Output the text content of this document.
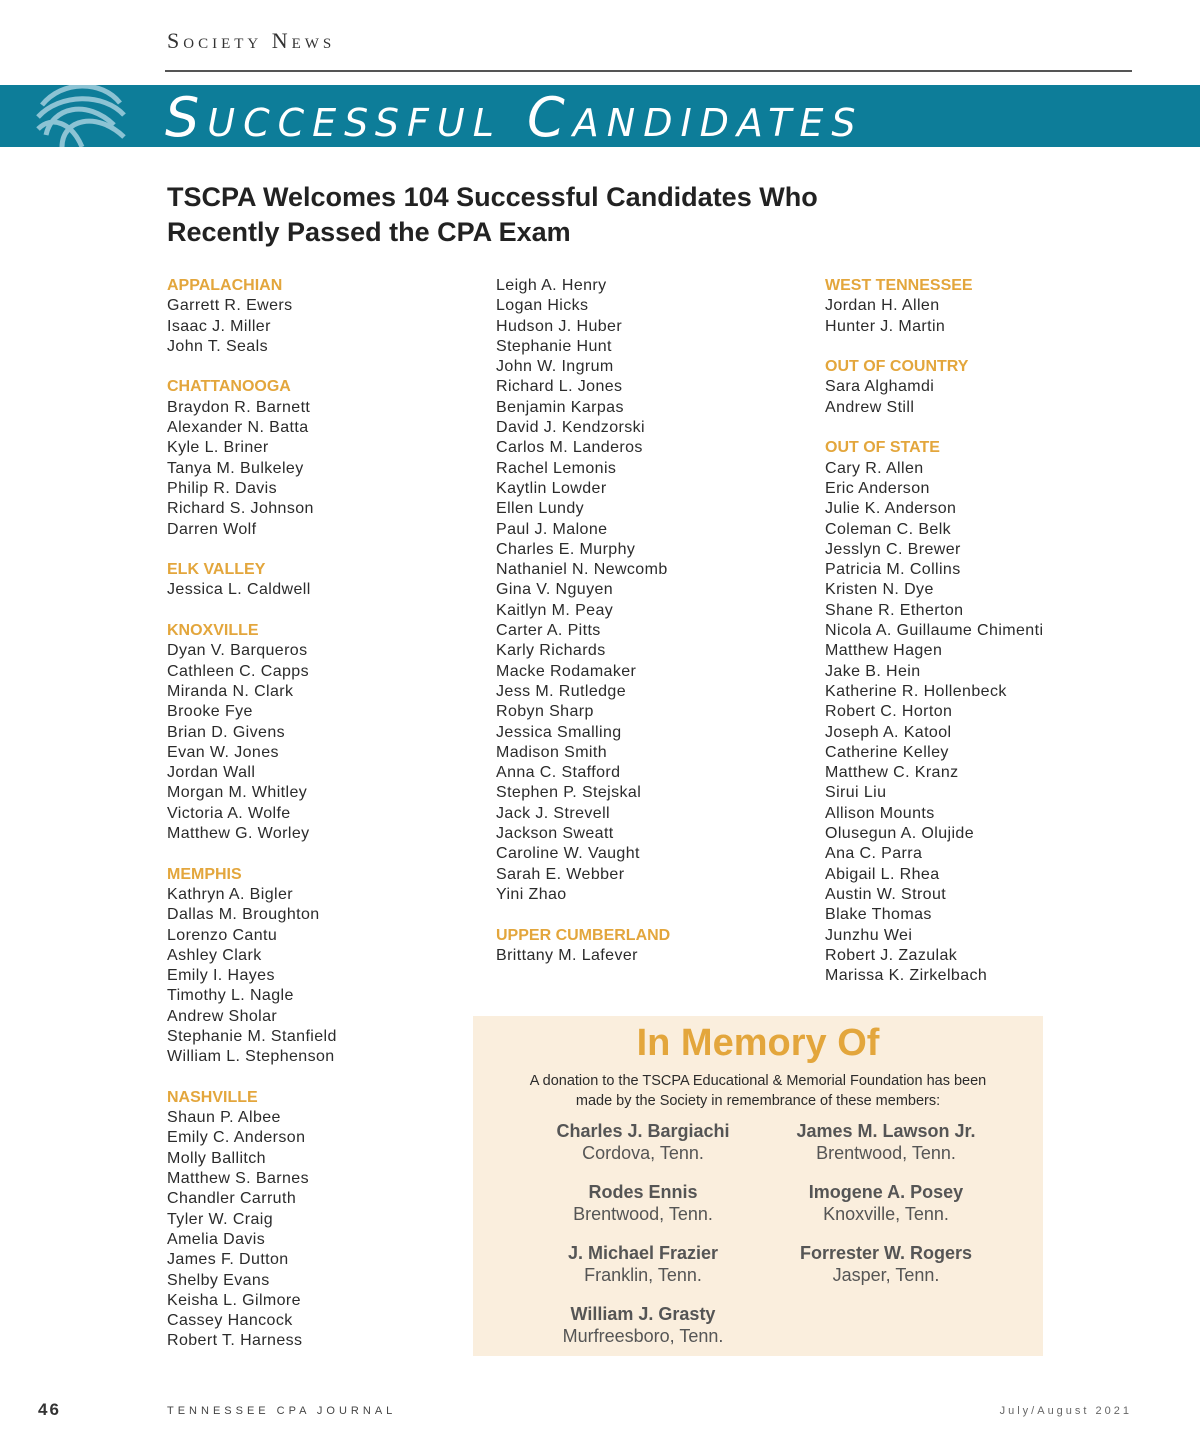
Society News
Successful Candidates
TSCPA Welcomes 104 Successful Candidates Who Recently Passed the CPA Exam
APPALACHIAN
Garrett R. Ewers
Isaac J. Miller
John T. Seals
CHATTANOOGA
Braydon R. Barnett
Alexander N. Batta
Kyle L. Briner
Tanya M. Bulkeley
Philip R. Davis
Richard S. Johnson
Darren Wolf
ELK VALLEY
Jessica L. Caldwell
KNOXVILLE
Dyan V. Barqueros
Cathleen C. Capps
Miranda N. Clark
Brooke Fye
Brian D. Givens
Evan W. Jones
Jordan Wall
Morgan M. Whitley
Victoria A. Wolfe
Matthew G. Worley
MEMPHIS
Kathryn A. Bigler
Dallas M. Broughton
Lorenzo Cantu
Ashley Clark
Emily I. Hayes
Timothy L. Nagle
Andrew Sholar
Stephanie M. Stanfield
William L. Stephenson
NASHVILLE
Shaun P. Albee
Emily C. Anderson
Molly Ballitch
Matthew S. Barnes
Chandler Carruth
Tyler W. Craig
Amelia Davis
James F. Dutton
Shelby Evans
Keisha L. Gilmore
Cassey Hancock
Robert T. Harness
Leigh A. Henry
Logan Hicks
Hudson J. Huber
Stephanie Hunt
John W. Ingrum
Richard L. Jones
Benjamin Karpas
David J. Kendzorski
Carlos M. Landeros
Rachel Lemonis
Kaytlin Lowder
Ellen Lundy
Paul J. Malone
Charles E. Murphy
Nathaniel N. Newcomb
Gina V. Nguyen
Kaitlyn M. Peay
Carter A. Pitts
Karly Richards
Macke Rodamaker
Jess M. Rutledge
Robyn Sharp
Jessica Smalling
Madison Smith
Anna C. Stafford
Stephen P. Stejskal
Jack J. Strevell
Jackson Sweatt
Caroline W. Vaught
Sarah E. Webber
Yini Zhao
UPPER CUMBERLAND
Brittany M. Lafever
WEST TENNESSEE
Jordan H. Allen
Hunter J. Martin
OUT OF COUNTRY
Sara Alghamdi
Andrew Still
OUT OF STATE
Cary R. Allen
Eric Anderson
Julie K. Anderson
Coleman C. Belk
Jesslyn C. Brewer
Patricia M. Collins
Kristen N. Dye
Shane R. Etherton
Nicola A. Guillaume Chimenti
Matthew Hagen
Jake B. Hein
Katherine R. Hollenbeck
Robert C. Horton
Joseph A. Katool
Catherine Kelley
Matthew C. Kranz
Sirui Liu
Allison Mounts
Olusegun A. Olujide
Ana C. Parra
Abigail L. Rhea
Austin W. Strout
Blake Thomas
Junzhu Wei
Robert J. Zazulak
Marissa K. Zirkelbach
In Memory Of
A donation to the TSCPA Educational & Memorial Foundation has been
made by the Society in remembrance of these members:
Charles J. Bargiachi
Cordova, Tenn.
James M. Lawson Jr.
Brentwood, Tenn.
Rodes Ennis
Brentwood, Tenn.
Imogene A. Posey
Knoxville, Tenn.
J. Michael Frazier
Franklin, Tenn.
Forrester W. Rogers
Jasper, Tenn.
William J. Grasty
Murfreesboro, Tenn.
46	TENNESSEE CPA JOURNAL	July/August 2021
